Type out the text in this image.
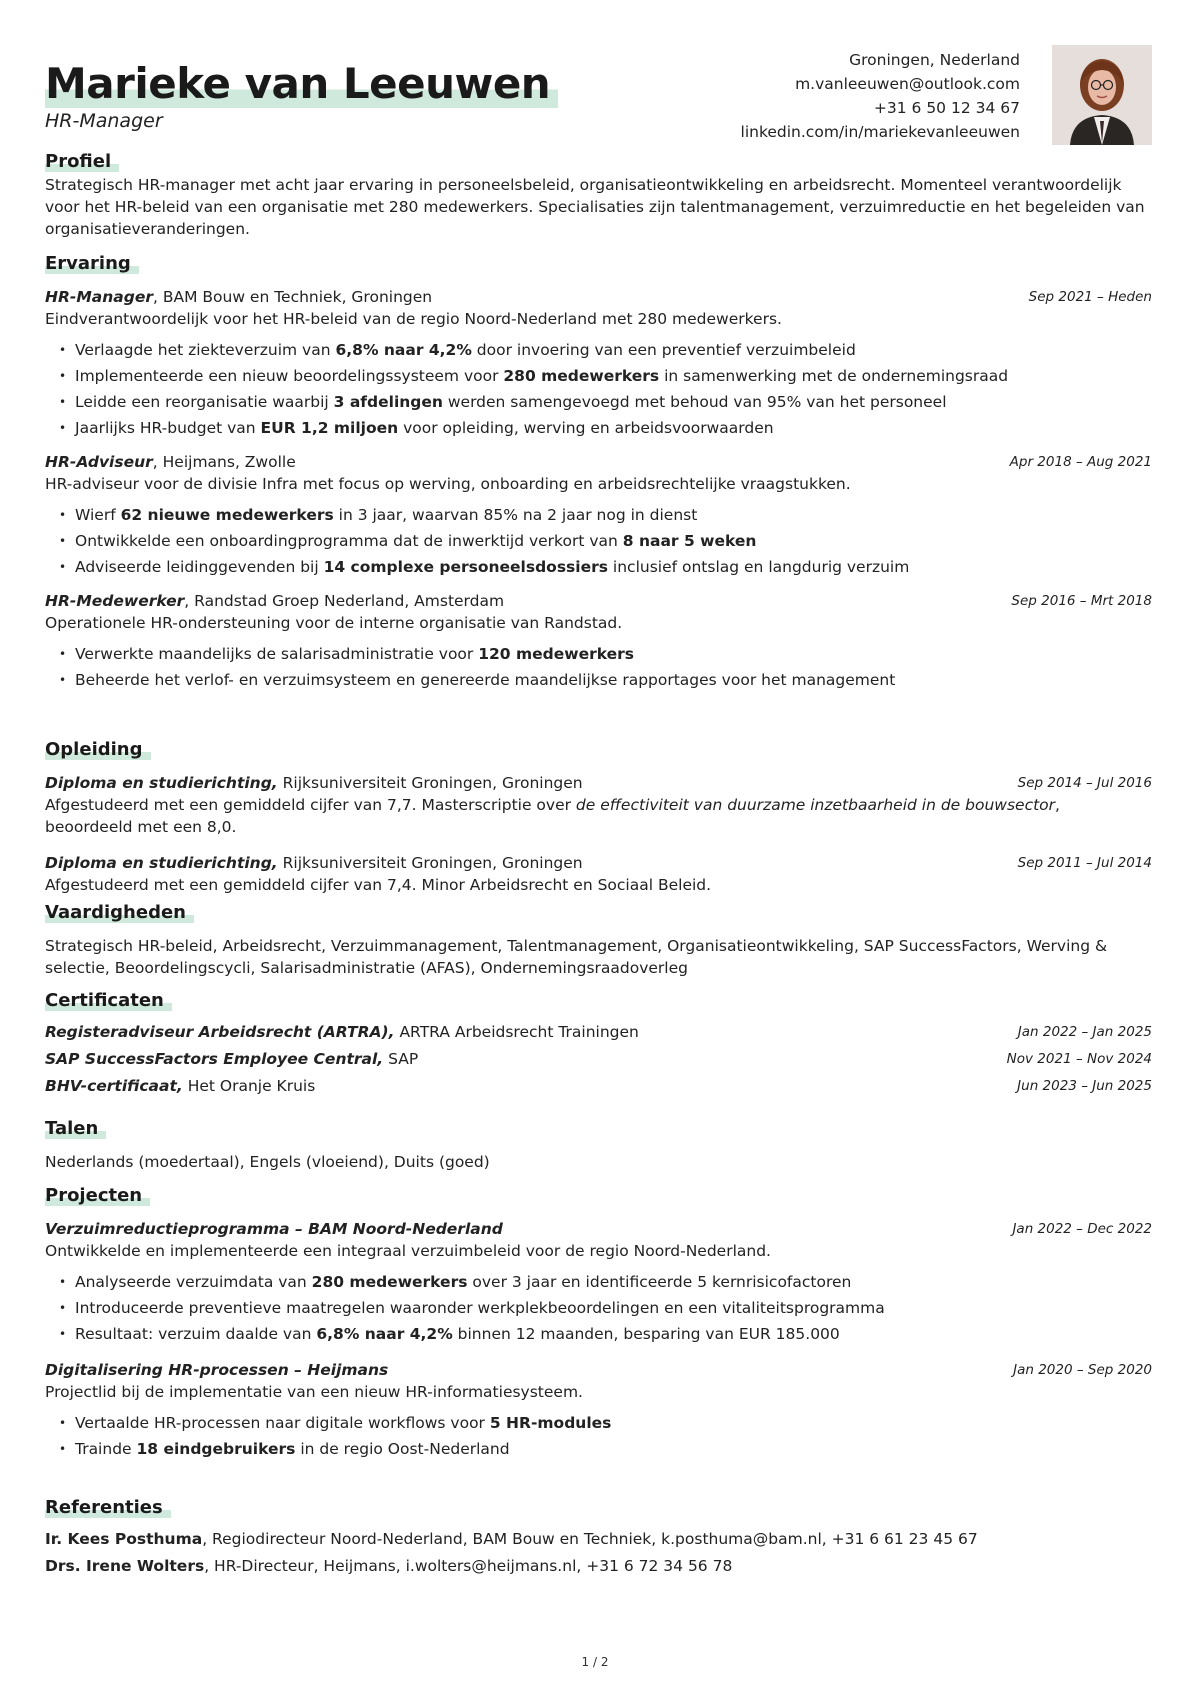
Marieke van Leeuwen
HR-Manager
Groningen, Nederland
m.vanleeuwen@outlook.com
+31 6 50 12 34 67
linkedin.com/in/mariekevanleeuwen
Profiel

Strategisch HR-manager met acht jaar ervaring in personeelsbeleid, organisatieontwikkeling en arbeidsrecht. Momenteel verantwoordelijk voor het HR-beleid van een organisatie met 280 medewerkers. Specialisaties zijn talentmanagement, verzuimreductie en het begeleiden van organisatieveranderingen.

Ervaring
HR-Manager, BAM Bouw en Techniek, Groningen	Sep 2021 – Heden

Eindverantwoordelijk voor het HR-beleid van de regio Noord-Nederland met 280 medewerkers.

• Verlaagde het ziekteverzuim van 6,8% naar 4,2% door invoering van een preventief verzuimbeleid
• Implementeerde een nieuw beoordelingssysteem voor 280 medewerkers in samenwerking met de ondernemingsraad
• Leidde een reorganisatie waarbij 3 afdelingen werden samengevoegd met behoud van 95% van het personeel
• Jaarlijks HR-budget van EUR 1,2 miljoen voor opleiding, werving en arbeidsvoorwaarden
HR-Adviseur, Heijmans, Zwolle	Apr 2018 – Aug 2021

HR-adviseur voor de divisie Infra met focus op werving, onboarding en arbeidsrechtelijke vraagstukken.

• Wierf 62 nieuwe medewerkers in 3 jaar, waarvan 85% na 2 jaar nog in dienst
• Ontwikkelde een onboardingprogramma dat de inwerktijd verkort van 8 naar 5 weken
• Adviseerde leidinggevenden bij 14 complexe personeelsdossiers inclusief ontslag en langdurig verzuim
HR-Medewerker, Randstad Groep Nederland, Amsterdam	Sep 2016 – Mrt 2018

Operationele HR-ondersteuning voor de interne organisatie van Randstad.

• Verwerkte maandelijks de salarisadministratie voor 120 medewerkers
• Beheerde het verlof- en verzuimsysteem en genereerde maandelijkse rapportages voor het management
Opleiding
Diploma en studierichting, Rijksuniversiteit Groningen, Groningen	Sep 2014 – Jul 2016

Afgestudeerd met een gemiddeld cijfer van 7,7. Masterscriptie over de effectiviteit van duurzame inzetbaarheid in de bouwsector, beoordeeld met een 8,0.

Diploma en studierichting, Rijksuniversiteit Groningen, Groningen	Sep 2011 – Jul 2014

Afgestudeerd met een gemiddeld cijfer van 7,4. Minor Arbeidsrecht en Sociaal Beleid.

Vaardigheden

Strategisch HR-beleid, Arbeidsrecht, Verzuimmanagement, Talentmanagement, Organisatieontwikkeling, SAP SuccessFactors, Werving & selectie, Beoordelingscycli, Salarisadministratie (AFAS), Ondernemingsraadoverleg

Certificaten
Registeradviseur Arbeidsrecht (ARTRA), ARTRA Arbeidsrecht Trainingen	Jan 2022 – Jan 2025
SAP SuccessFactors Employee Central, SAP	Nov 2021 – Nov 2024
BHV-certificaat, Het Oranje Kruis	Jun 2023 – Jun 2025
Talen

Nederlands (moedertaal), Engels (vloeiend), Duits (goed)

Projecten
Verzuimreductieprogramma – BAM Noord-Nederland	Jan 2022 – Dec 2022

Ontwikkelde en implementeerde een integraal verzuimbeleid voor de regio Noord-Nederland.

• Analyseerde verzuimdata van 280 medewerkers over 3 jaar en identificeerde 5 kernrisicofactoren
• Introduceerde preventieve maatregelen waaronder werkplekbeoordelingen en een vitaliteitsprogramma
• Resultaat: verzuim daalde van 6,8% naar 4,2% binnen 12 maanden, besparing van EUR 185.000
Digitalisering HR-processen – Heijmans	Jan 2020 – Sep 2020

Projectlid bij de implementatie van een nieuw HR-informatiesysteem.

• Vertaalde HR-processen naar digitale workflows voor 5 HR-modules
• Trainde 18 eindgebruikers in de regio Oost-Nederland
Referenties
Ir. Kees Posthuma, Regiodirecteur Noord-Nederland, BAM Bouw en Techniek, k.posthuma@bam.nl, +31 6 61 23 45 67
Drs. Irene Wolters, HR-Directeur, Heijmans, i.wolters@heijmans.nl, +31 6 72 34 56 78
1 / 2
